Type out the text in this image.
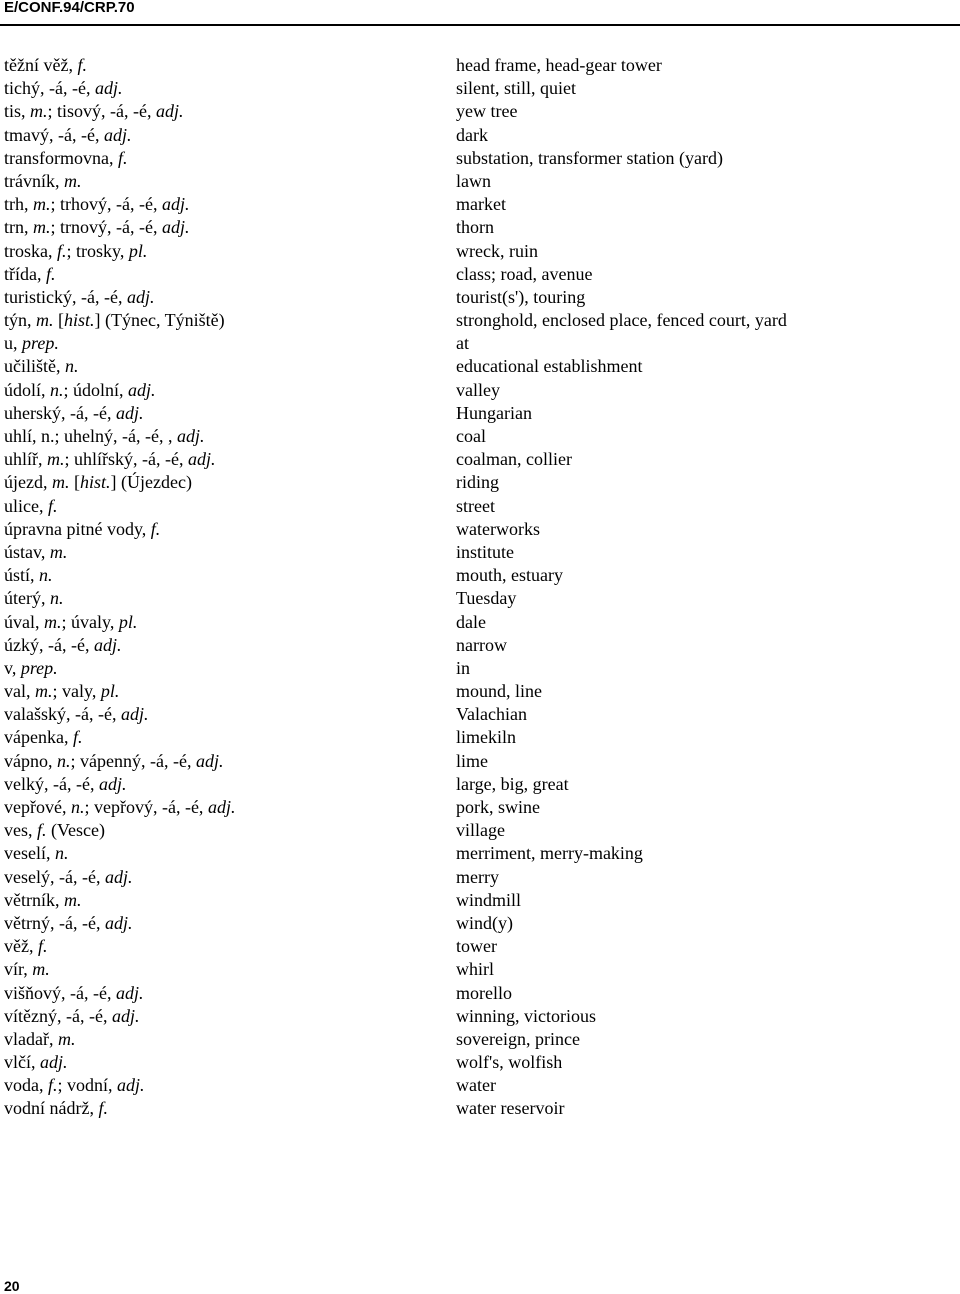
E/CONF.94/CRP.70

těžní věž, f.	head frame, head-gear tower
tichý, -á, -é, adj.	silent, still, quiet
tis, m.; tisový, -á, -é, adj.	yew tree
tmavý, -á, -é, adj.	dark
transformovna, f.	substation, transformer station (yard)
trávník, m.	lawn
trh, m.; trhový, -á, -é, adj.	market
trn, m.; trnový, -á, -é, adj.	thorn
troska, f.; trosky, pl.	wreck, ruin
třída, f.	class; road, avenue
turistický, -á, -é, adj.	tourist(s'), touring
týn, m. [hist.] (Týnec, Týniště)	stronghold, enclosed place, fenced court, yard
u, prep.	at
učiliště, n.	educational establishment
údolí, n.; údolní, adj.	valley
uherský, -á, -é, adj.	Hungarian
uhlí, n.; uhelný, -á, -é, , adj.	coal
uhlíř, m.; uhlířský, -á, -é, adj.	coalman, collier
újezd, m. [hist.] (Újezdec)	riding
ulice, f.	street
úpravna pitné vody, f.	waterworks
ústav, m.	institute
ústí, n.	mouth, estuary
úterý, n.	Tuesday
úval, m.; úvaly, pl.	dale
úzký, -á, -é, adj.	narrow
v, prep.	in
val, m.; valy, pl.	mound, line
valašský, -á, -é, adj.	Valachian
vápenka, f.	limekiln
vápno, n.; vápenný, -á, -é, adj.	lime
velký, -á, -é, adj.	large, big, great
vepřové, n.; vepřový, -á, -é, adj.	pork, swine
ves, f. (Vesce)	village
veselí, n.	merriment, merry-making
veselý, -á, -é, adj.	merry
větrník, m.	windmill
větrný, -á, -é, adj.	wind(y)
věž, f.	tower
vír, m.	whirl
višňový, -á, -é, adj.	morello
vítězný, -á, -é, adj.	winning, victorious
vladař, m.	sovereign, prince
vlčí, adj.	wolf's, wolfish
voda, f.; vodní, adj.	water
vodní nádrž, f.	water reservoir

20
